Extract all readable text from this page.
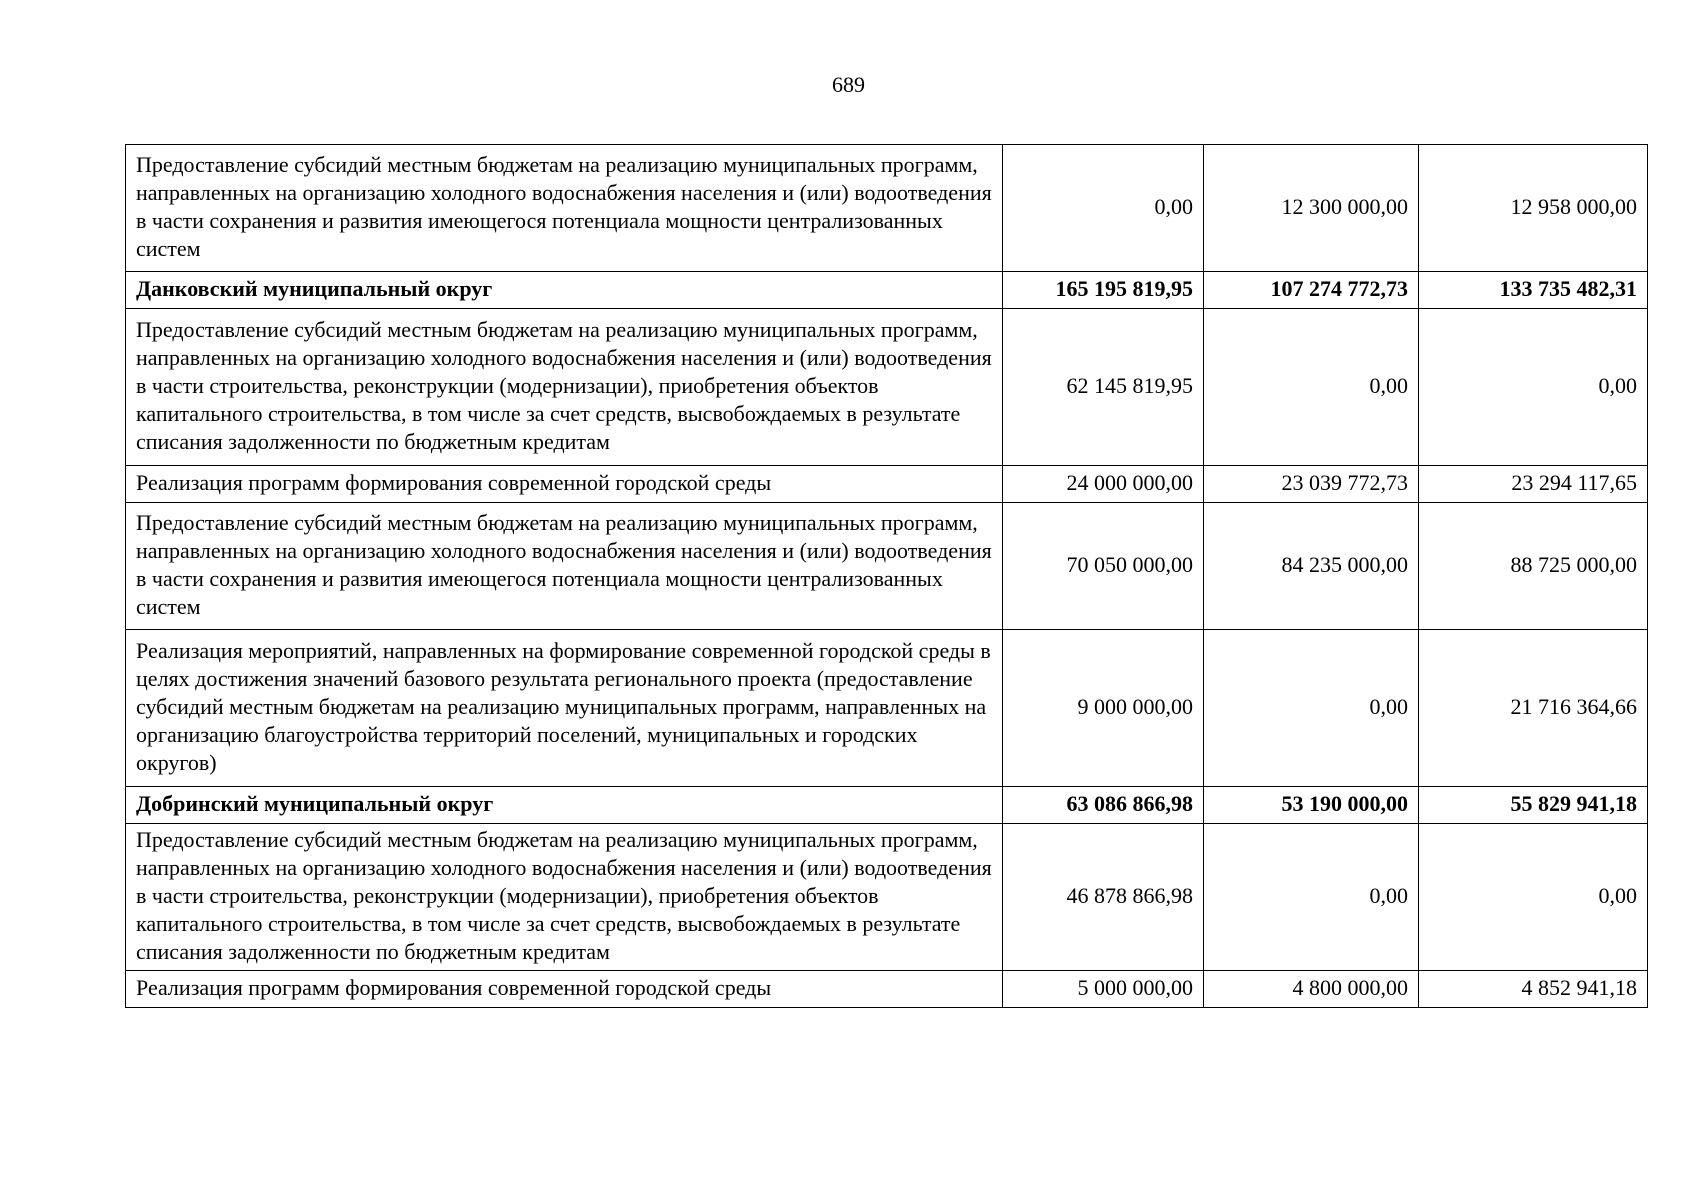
689
Предоставление субсидий местным бюджетам на реализацию муниципальных программ, направленных на организацию холодного водоснабжения населения и (или) водоотведения в части сохранения и развития имеющегося потенциала мощности централизованных систем	0,00	12 300 000,00	12 958 000,00
Данковский муниципальный округ	165 195 819,95	107 274 772,73	133 735 482,31
Предоставление субсидий местным бюджетам на реализацию муниципальных программ, направленных на организацию холодного водоснабжения населения и (или) водоотведения в части строительства, реконструкции (модернизации), приобретения объектов капитального строительства, в том числе за счет средств, высвобождаемых в результате списания задолженности по бюджетным кредитам	62 145 819,95	0,00	0,00
Реализация программ формирования современной городской среды	24 000 000,00	23 039 772,73	23 294 117,65
Предоставление субсидий местным бюджетам на реализацию муниципальных программ, направленных на организацию холодного водоснабжения населения и (или) водоотведения в части сохранения и развития имеющегося потенциала мощности централизованных систем	70 050 000,00	84 235 000,00	88 725 000,00
Реализация мероприятий, направленных на формирование современной городской среды в целях достижения значений базового результата регионального проекта (предоставление субсидий местным бюджетам на реализацию муниципальных программ, направленных на организацию благоустройства территорий поселений, муниципальных и городских округов)	9 000 000,00	0,00	21 716 364,66
Добринский муниципальный округ	63 086 866,98	53 190 000,00	55 829 941,18
Предоставление субсидий местным бюджетам на реализацию муниципальных программ, направленных на организацию холодного водоснабжения населения и (или) водоотведения в части строительства, реконструкции (модернизации), приобретения объектов капитального строительства, в том числе за счет средств, высвобождаемых в результате списания задолженности по бюджетным кредитам	46 878 866,98	0,00	0,00
Реализация программ формирования современной городской среды	5 000 000,00	4 800 000,00	4 852 941,18
